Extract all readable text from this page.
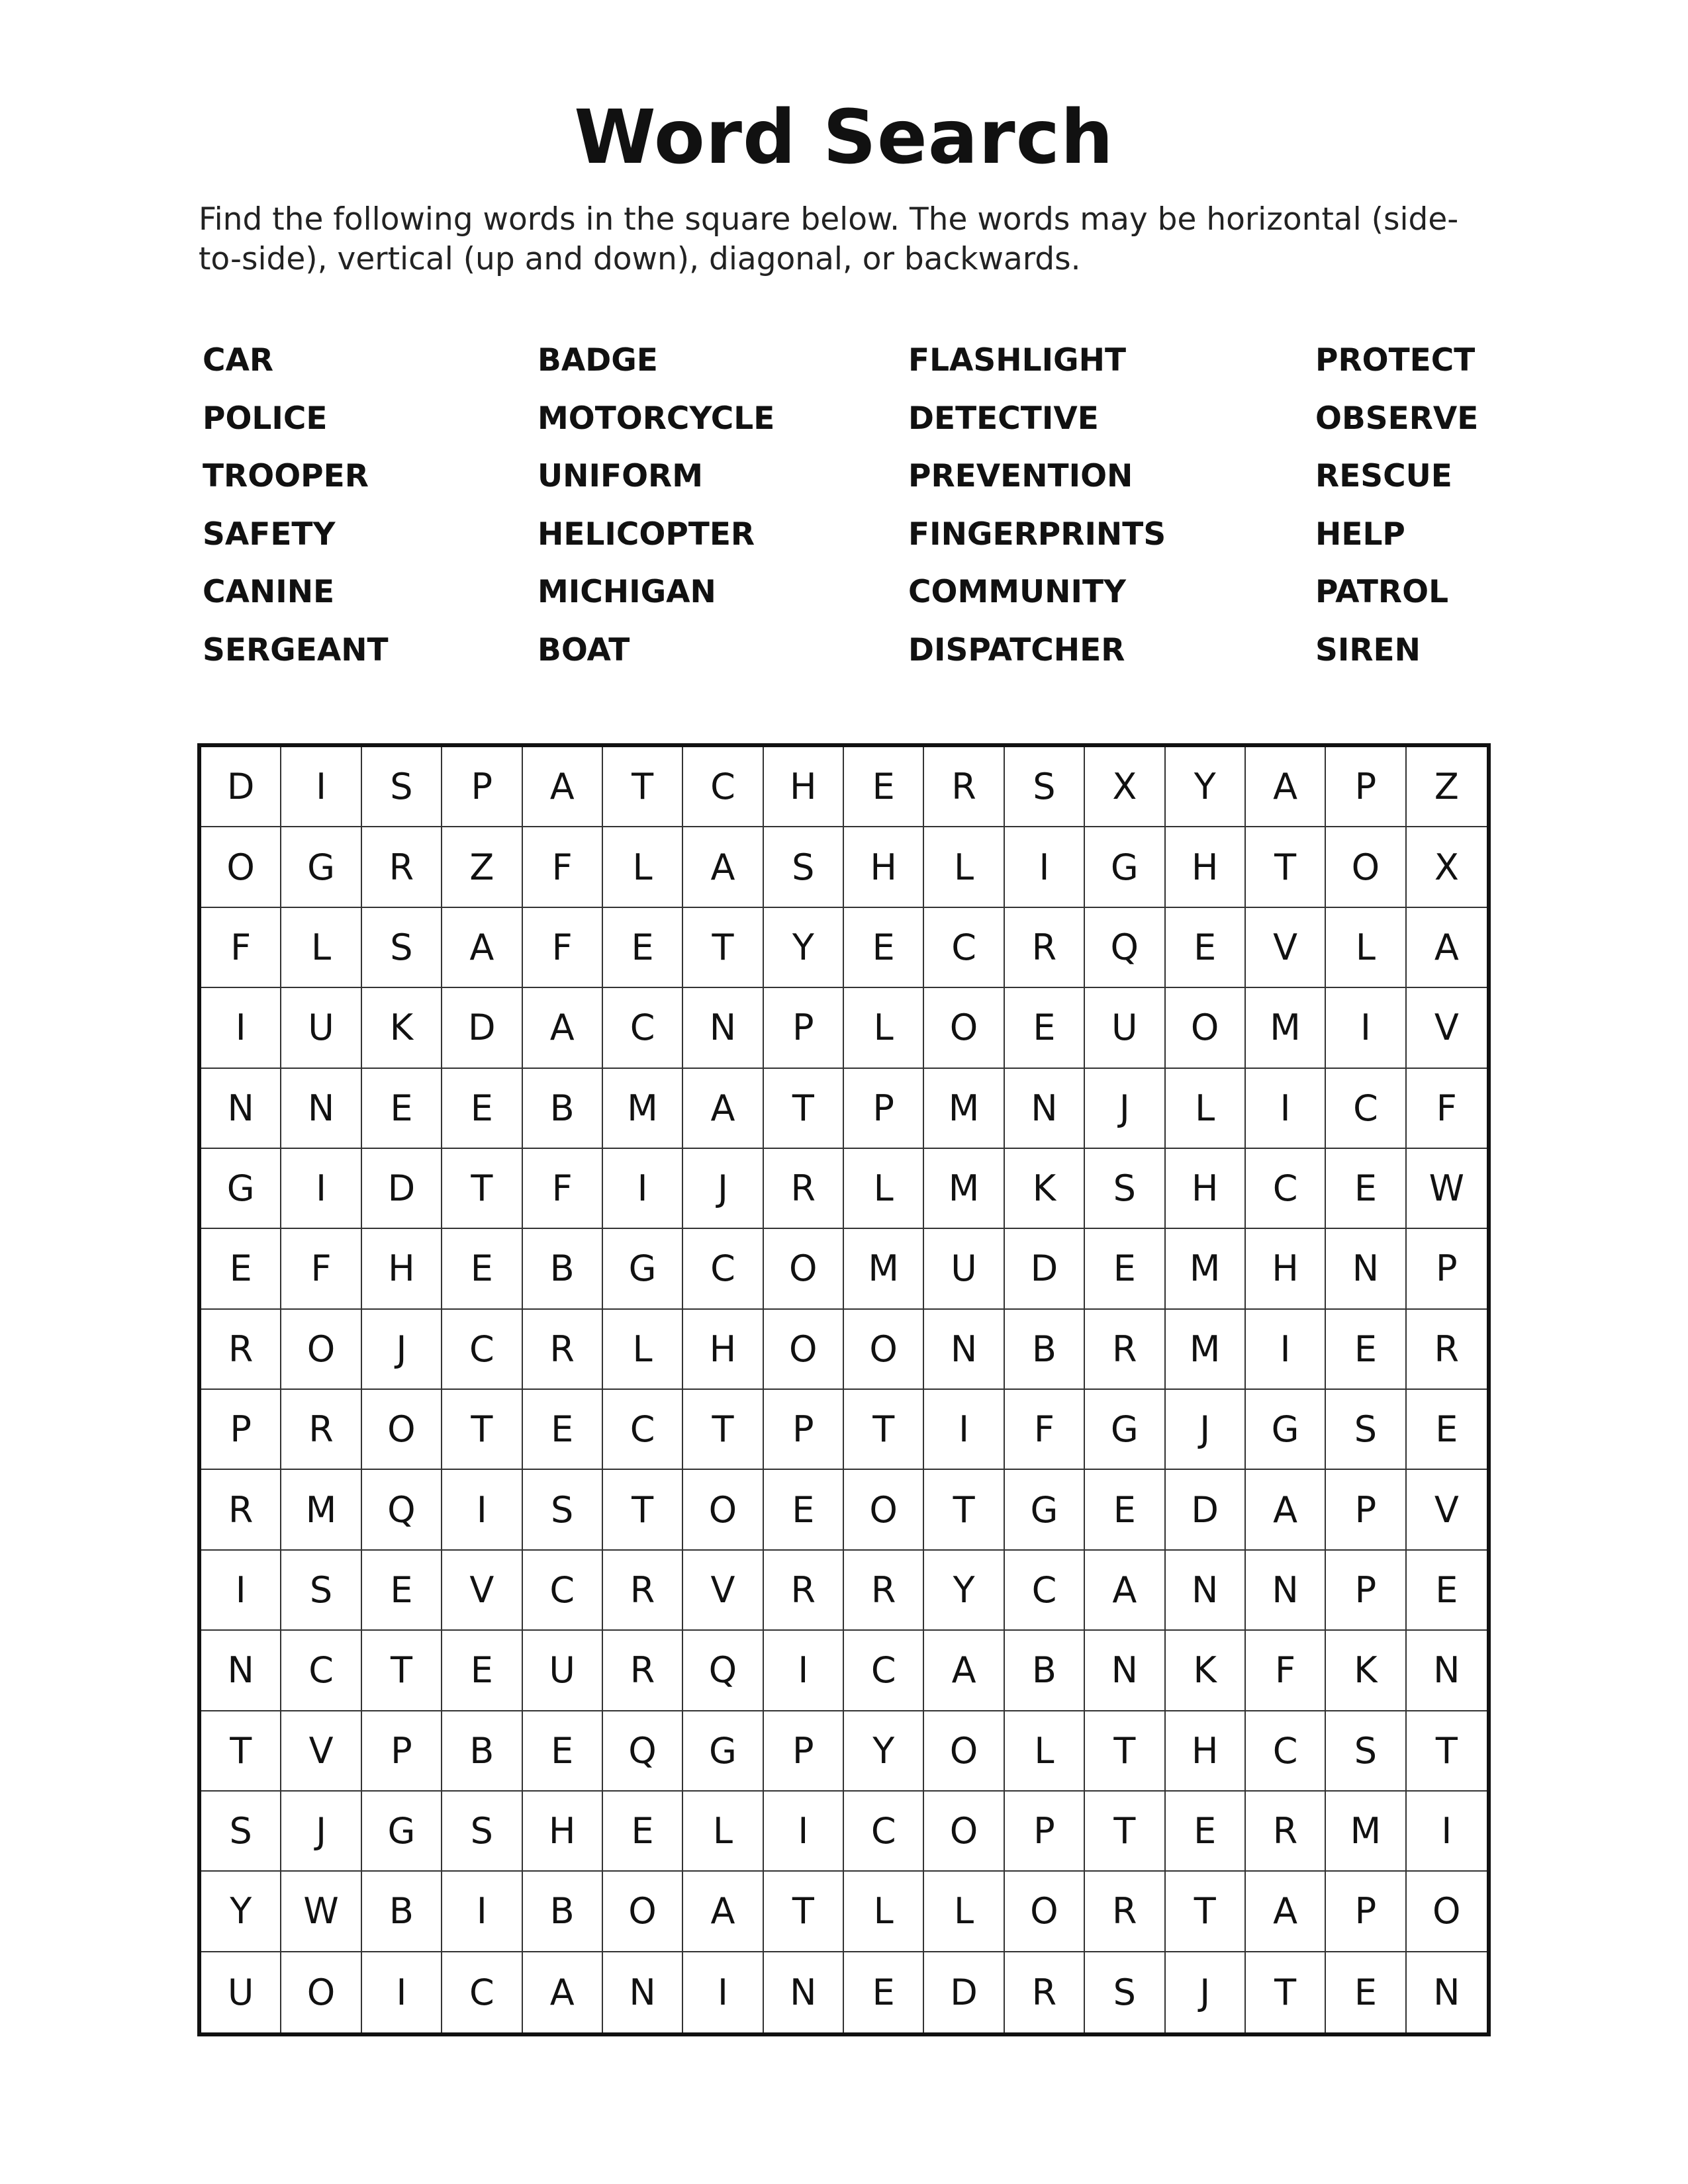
Word Search
Find the following words in the square below. The words may be horizontal (side-to-side), vertical (up and down), diagonal, or backwards.
CAR
POLICE
TROOPER
SAFETY
CANINE
SERGEANT
BADGE
MOTORCYCLE
UNIFORM
HELICOPTER
MICHIGAN
BOAT
FLASHLIGHT
DETECTIVE
PREVENTION
FINGERPRINTS
COMMUNITY
DISPATCHER
PROTECT
OBSERVE
RESCUE
HELP
PATROL
SIREN
D	I	S	P	A	T	C	H	E	R	S	X	Y	A	P	Z
O	G	R	Z	F	L	A	S	H	L	I	G	H	T	O	X
F	L	S	A	F	E	T	Y	E	C	R	Q	E	V	L	A
I	U	K	D	A	C	N	P	L	O	E	U	O	M	I	V
N	N	E	E	B	M	A	T	P	M	N	J	L	I	C	F
G	I	D	T	F	I	J	R	L	M	K	S	H	C	E	W
E	F	H	E	B	G	C	O	M	U	D	E	M	H	N	P
R	O	J	C	R	L	H	O	O	N	B	R	M	I	E	R
P	R	O	T	E	C	T	P	T	I	F	G	J	G	S	E
R	M	Q	I	S	T	O	E	O	T	G	E	D	A	P	V
I	S	E	V	C	R	V	R	R	Y	C	A	N	N	P	E
N	C	T	E	U	R	Q	I	C	A	B	N	K	F	K	N
T	V	P	B	E	Q	G	P	Y	O	L	T	H	C	S	T
S	J	G	S	H	E	L	I	C	O	P	T	E	R	M	I
Y	W	B	I	B	O	A	T	L	L	O	R	T	A	P	O
U	O	I	C	A	N	I	N	E	D	R	S	J	T	E	N
